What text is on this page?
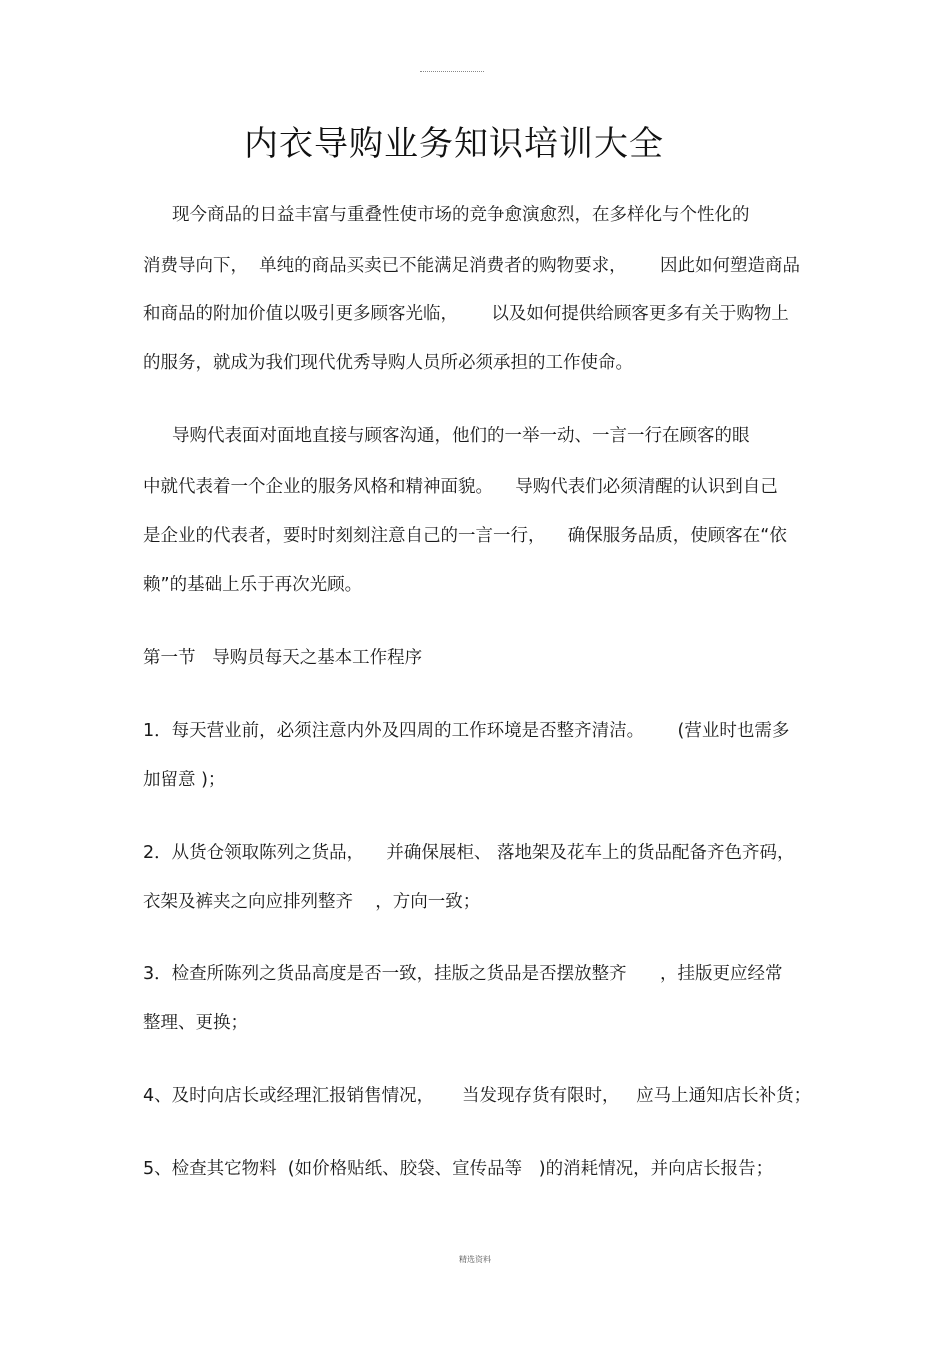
内衣导购业务知识培训大全
现今商品的日益丰富与重叠性使市场的竞争愈演愈烈，在多样化与个性化的
消费导向下，  单纯的商品买卖已不能满足消费者的购物要求，      因此如何塑造商品
和商品的附加价值以吸引更多顾客光临，      以及如何提供给顾客更多有关于购物上
的服务，就成为我们现代优秀导购人员所必须承担的工作使命。
导购代表面对面地直接与顾客沟通，他们的一举一动、一言一行在顾客的眼
中就代表着一个企业的服务风格和精神面貌。    导购代表们必须清醒的认识到自己
是企业的代表者，要时时刻刻注意自己的一言一行，    确保服务品质，使顾客在“依
赖”的基础上乐于再次光顾。
第一节   导购员每天之基本工作程序
1．每天营业前，必须注意内外及四周的工作环境是否整齐清洁。      (营业时也需多
加留意 )；
2．从货仓领取陈列之货品，    并确保展柜、 落地架及花车上的货品配备齐色齐码，
衣架及裤夹之向应排列整齐    ，方向一致；
3．检查所陈列之货品高度是否一致，挂版之货品是否摆放整齐      ，挂版更应经常
整理、更换；
4、及时向店长或经理汇报销售情况，     当发现存货有限时，   应马上通知店长补货；
5、检查其它物料  (如价格贴纸、胶袋、宣传品等   )的消耗情况，并向店长报告；
精选资料
